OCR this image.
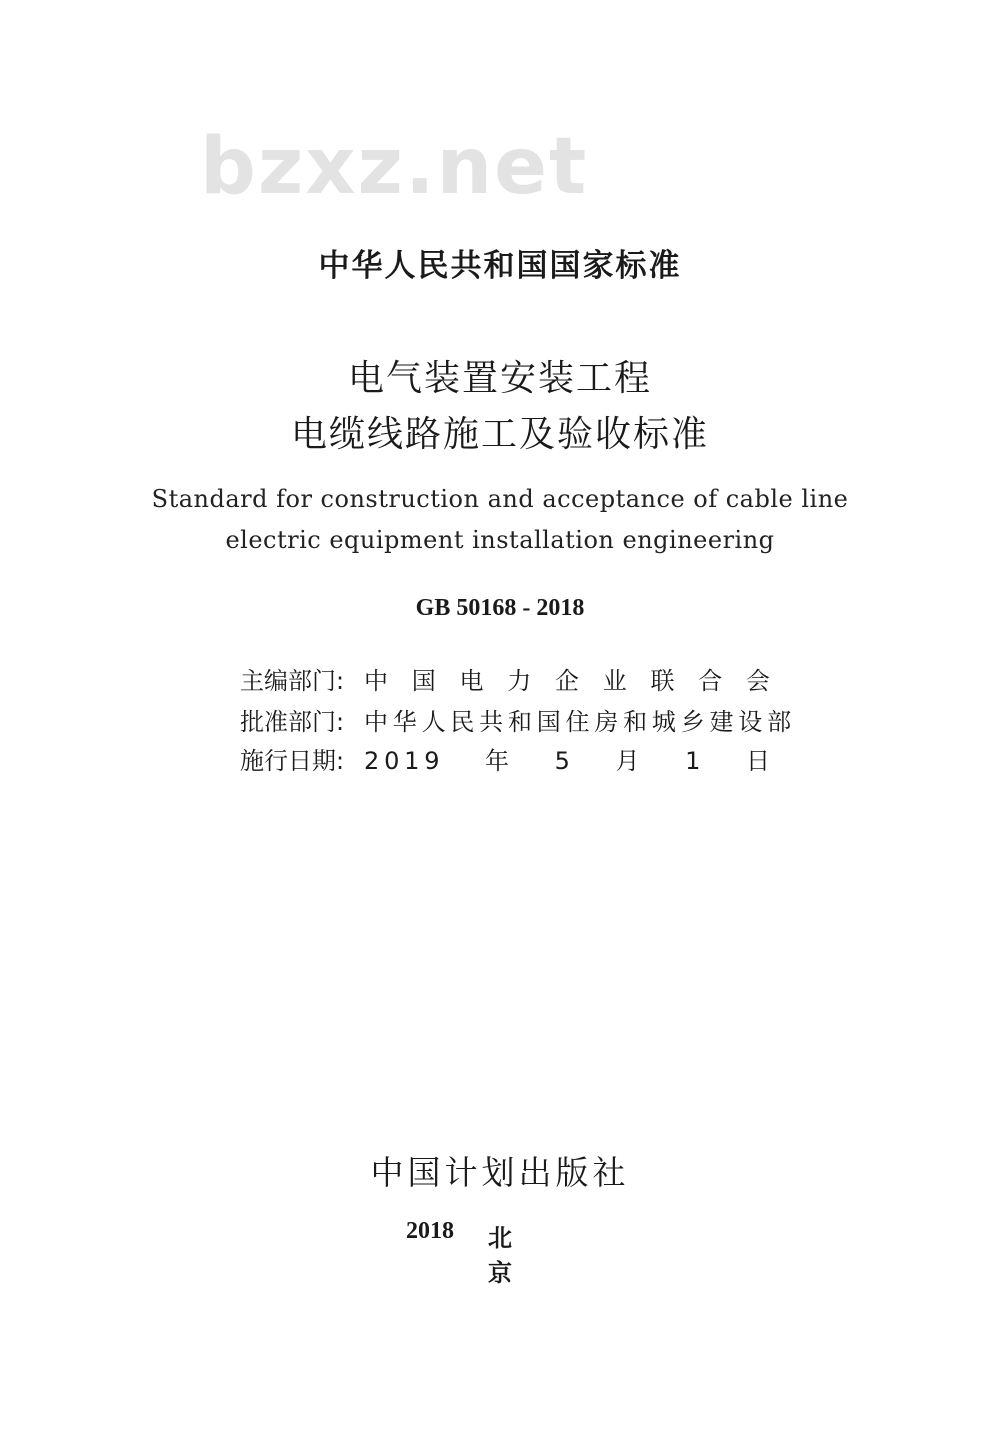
bzxz.net
中华人民共和国国家标准
电气装置安装工程
电缆线路施工及验收标准
Standard for construction and acceptance of cable line
electric equipment installation engineering
GB 50168 - 2018
主编部门: 中 国 电 力 企 业 联 合 会
批准部门: 中 华 人 民 共 和 国 住 房 和 城 乡 建 设 部
施行日期: 2 0 1 9 年 5 月 1 日
中国计划出版社
2018 北京
